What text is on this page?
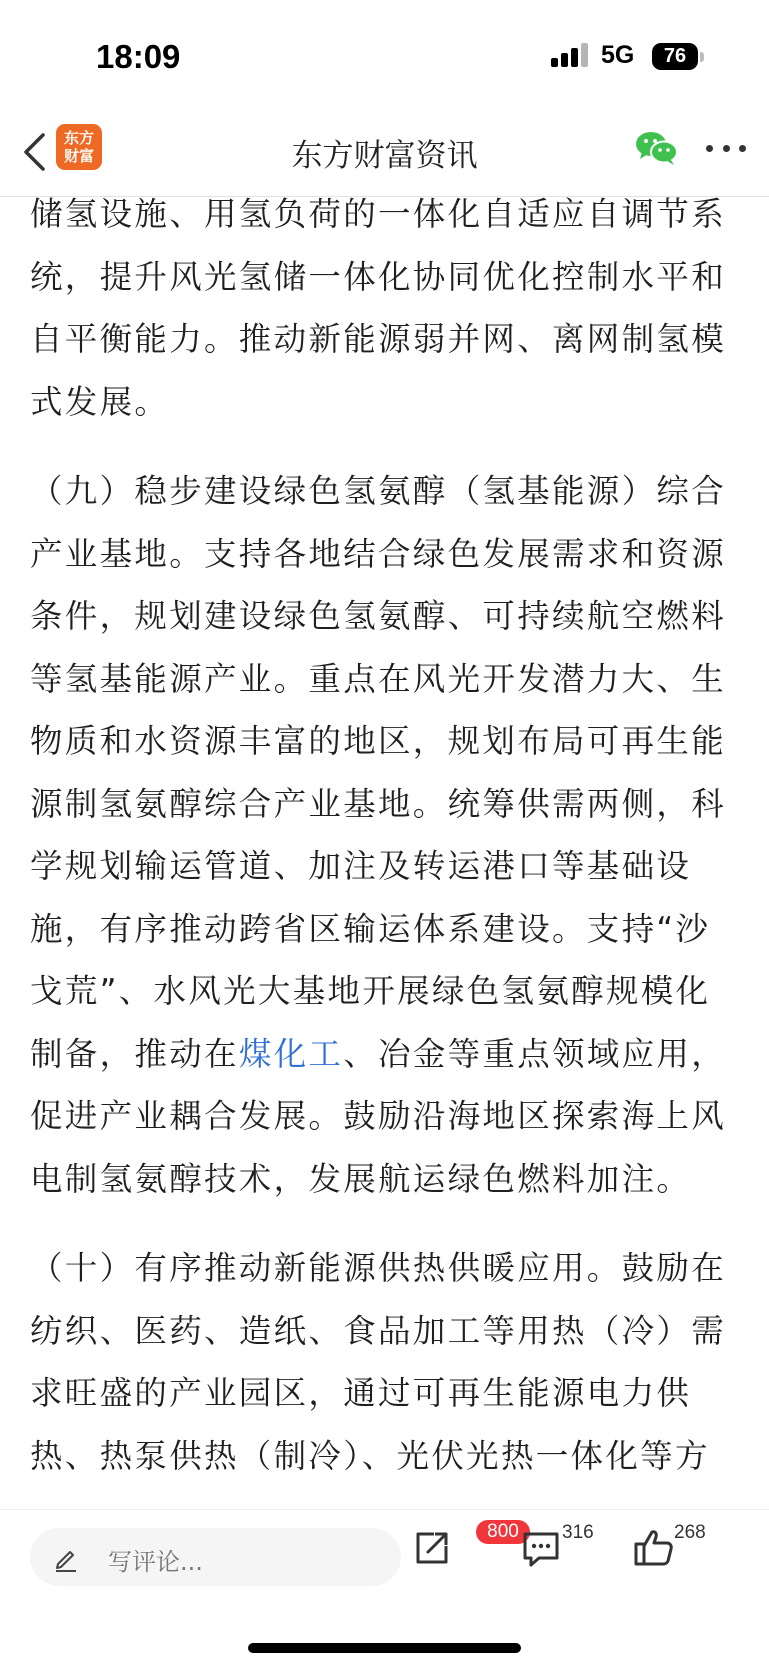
18:09	5G 76
东方
财富	东方财富资讯

储氢设施、用氢负荷的一体化自适应自调节系统，提升风光氢储一体化协同优化控制水平和自平衡能力。推动新能源弱并网、离网制氢模式发展。

（九）稳步建设绿色氢氨醇（氢基能源）综合产业基地。支持各地结合绿色发展需求和资源条件，规划建设绿色氢氨醇、可持续航空燃料等氢基能源产业。重点在风光开发潜力大、生物质和水资源丰富的地区，规划布局可再生能源制氢氨醇综合产业基地。统筹供需两侧，科学规划输运管道、加注及转运港口等基础设施，有序推动跨省区输运体系建设。支持“沙戈荒”、水风光大基地开展绿色氢氨醇规模化制备，推动在煤化工、冶金等重点领域应用，促进产业耦合发展。鼓励沿海地区探索海上风电制氢氨醇技术，发展航运绿色燃料加注。

（十）有序推动新能源供热供暖应用。鼓励在纺织、医药、造纸、食品加工等用热（冷）需求旺盛的产业园区，通过可再生能源电力供热、热泵供热（制冷）、光伏光热一体化等方

写评论...
800	316	268
